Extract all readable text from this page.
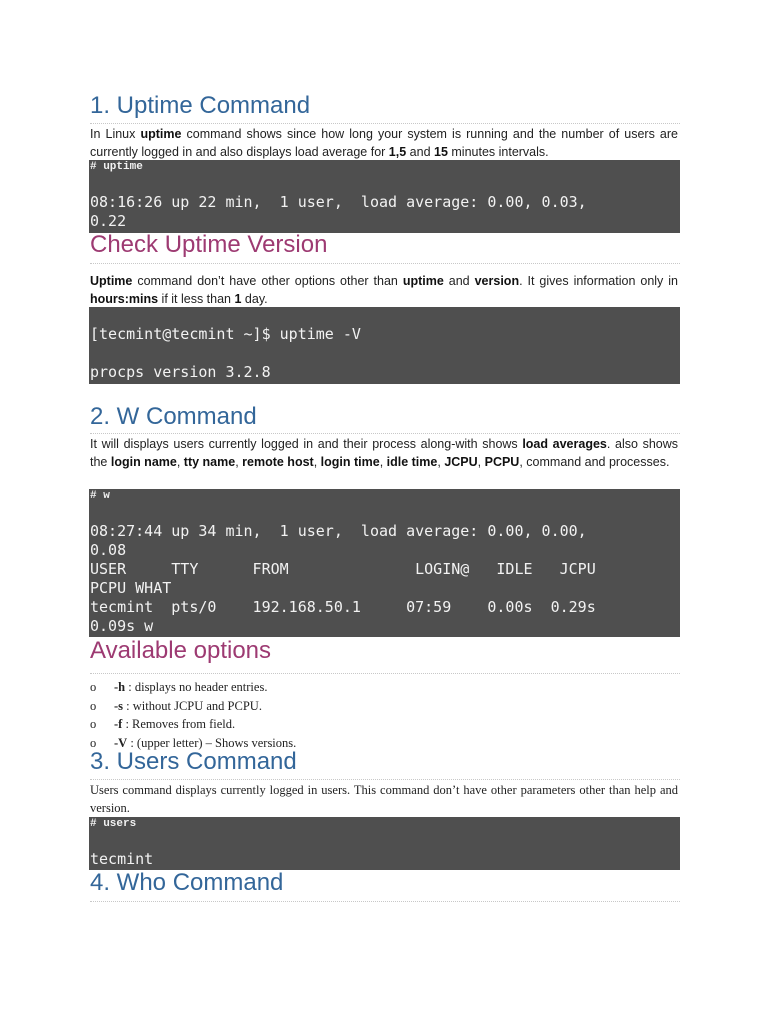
1. Uptime Command

In Linux uptime command shows since how long your system is running and the number of users are currently logged in and also displays load average for 1,5 and 15 minutes intervals.

# uptime
08:16:26 up 22 min,  1 user,  load average: 0.00, 0.03,
0.22
Check Uptime Version

Uptime command don’t have other options other than uptime and version. It gives information only in hours:mins if it less than 1 day.

[tecmint@tecmint ~]$ uptime -V
procps version 3.2.8
2. W Command

It will displays users currently logged in and their process along-with shows load averages. also shows the login name, tty name, remote host, login time, idle time, JCPU, PCPU, command and processes.

# w
08:27:44 up 34 min,  1 user,  load average: 0.00, 0.00,
0.08
USER     TTY      FROM              LOGIN@   IDLE   JCPU
PCPU WHAT
tecmint  pts/0    192.168.50.1     07:59    0.00s  0.29s
0.09s w
Available options
o -h : displays no header entries.
o -s : without JCPU and PCPU.
o -f : Removes from field.
o -V : (upper letter) – Shows versions.
3. Users Command

Users command displays currently logged in users. This command don’t have other parameters other than help and version.

# users
tecmint
4. Who Command
